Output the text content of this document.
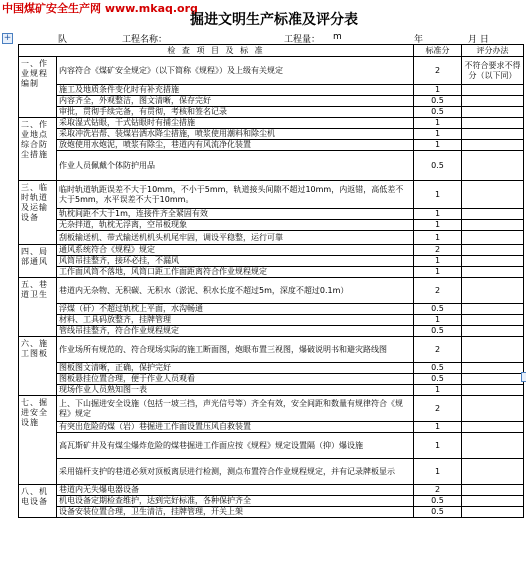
中国煤矿安全生产网 www.mkaq.org
掘进文明生产标准及评分表
+	队	工程名称：	工程量： m	年	月 日
检 查 项 目 及 标 准		标准分	评分办法
一、作业规程编制	内容符合《煤矿安全规定》（以下简称《规程》）及上级有关规定	2	不符合要求不得分（以下同）
	施工及地质条件变化时有补充措施	1	
	内容齐全，外观整洁，图文清晰，保存完好	0.5	
	审批，贯彻手续完备，有贯彻，考核和签名记录	0.5	
二、作业地点综合防尘措施	采取湿式钻眼，干式钻眼时有捕尘措施	1	
	采取冲洗岩帮、装煤岩洒水降尘措施，喷浆使用潮料和除尘机	1	
	放炮使用水炮泥，喷浆有除尘，巷道内有风流净化装置	1	
	作业人员佩戴个体防护用品	0.5	
三、临时轨道及运输设备	临时轨道轨距误差不大于10mm，不小于5mm，轨道接头间隙不超过10mm，内返错，高低差不大于5mm，水平误差不大于10mm。	1	
	轨枕间距不大于1m，连接件齐全紧固有效	1	
	无杂拌道，轨枕无浮离，空吊板现象	1	
	刮板输送机、带式输送机机头机尾牢固，调设平稳整，运行可靠	1	
四、局部通风	通风系统符合《规程》规定	2	
	风筒吊挂整齐，接环必挂，不漏风	1	
	工作面风筒不落地，风筒口距工作面距离符合作业规程规定	1	
五、巷道卫生	巷道内无杂物、无积碳、无积水（淤泥、积水长度不超过5m，深度不超过0.1m）	2	
	浮煤（矸）不超过轨枕上平面，水沟畅通	0.5	
	材料、工具码放整齐，挂牌管理	1	
	管线吊挂整齐，符合作业规程规定	0.5	
六、施工图板	作业场所有规范的、符合现场实际的施工断面图，炮眼布置三视图，爆破说明书和避灾路线图	2	
	图板图文清晰，正确，保护完好	0.5	
	图板悬挂位置合理，便于作业人员观看	0.5	
	现场作业人员熟知图一表	1	
七、掘进安全设施	上、下山掘进安全设施（包括一坡三挡，声光信号等）齐全有效，安全间距和数量有规律符合《规程》规定	2	
	有突出危险的煤（岩）巷掘进工作面设置压风自救装置	1	
	高瓦斯矿井及有煤尘爆炸危险的煤巷掘进工作面应按《规程》规定设置隔（抑）爆设施	1	
	采用锚杆支护的巷道必须对顶板离层进行检测，测点布置符合作业规程规定，并有记录牌板显示	1	
八、机电设备	巷道内无失爆电器设备	2	
	机电设备定期检查维护，达到完好标准，各种保护齐全	0.5	
	设备安装位置合理，卫生清洁，挂牌管理，开关上架	0.5	
